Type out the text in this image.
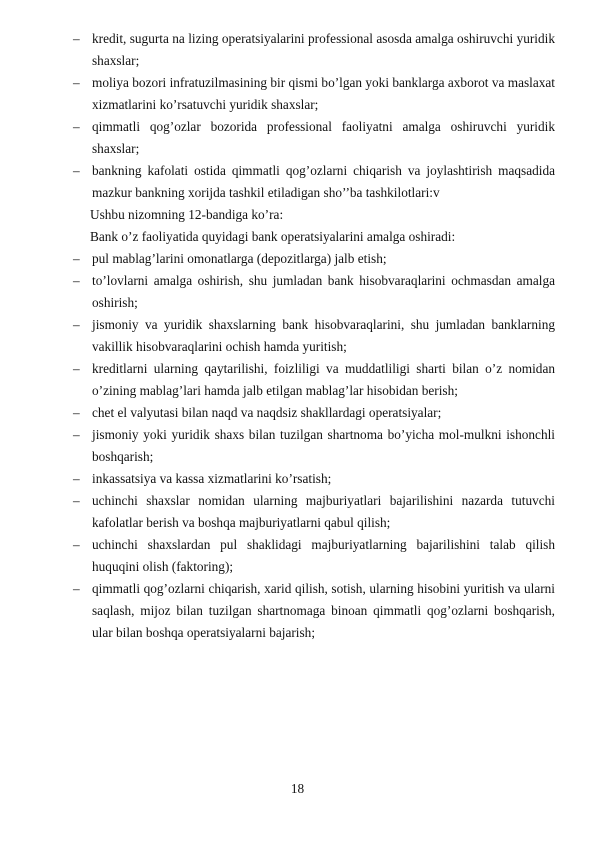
– kredit, sugurta na lizing operatsiyalarini professional asosda amalga oshiruvchi yuridik shaxslar;

– moliya bozori infratuzilmasining bir qismi bo’lgan yoki banklarga axborot va maslaxat xizmatlarini ko’rsatuvchi yuridik shaxslar;

– qimmatli qog’ozlar bozorida professional faoliyatni amalga oshiruvchi yuridik shaxslar;

– bankning kafolati ostida qimmatli qog’ozlarni chiqarish va joylashtirish maqsadida mazkur bankning xorijda tashkil etiladigan sho’’ba tashkilotlari:v

Ushbu nizomning 12-bandiga ko’ra:

Bank o’z faoliyatida quyidagi bank operatsiyalarini amalga oshiradi:

– pul mablag’larini omonatlarga (depozitlarga) jalb etish;

– to’lovlarni amalga oshirish, shu jumladan bank hisobvaraqlarini ochmasdan amalga oshirish;

– jismoniy va yuridik shaxslarning bank hisobvaraqlarini, shu jumladan banklarning vakillik hisobvaraqlarini ochish hamda yuritish;

– kreditlarni ularning qaytarilishi, foizliligi va muddatliligi sharti bilan o’z nomidan o’zining mablag’lari hamda jalb etilgan mablag’lar hisobidan berish;

– chet el valyutasi bilan naqd va naqdsiz shakllardagi operatsiyalar;

– jismoniy yoki yuridik shaxs bilan tuzilgan shartnoma bo’yicha mol-mulkni ishonchli boshqarish;

– inkassatsiya va kassa xizmatlarini ko’rsatish;

– uchinchi shaxslar nomidan ularning majburiyatlari bajarilishini nazarda tutuvchi kafolatlar berish va boshqa majburiyatlarni qabul qilish;

– uchinchi shaxslardan pul shaklidagi majburiyatlarning bajarilishini talab qilish huquqini olish (faktoring);

– qimmatli qog’ozlarni chiqarish, xarid qilish, sotish, ularning hisobini yuritish va ularni saqlash, mijoz bilan tuzilgan shartnomaga binoan qimmatli qog’ozlarni boshqarish, ular bilan boshqa operatsiyalarni bajarish;

18
